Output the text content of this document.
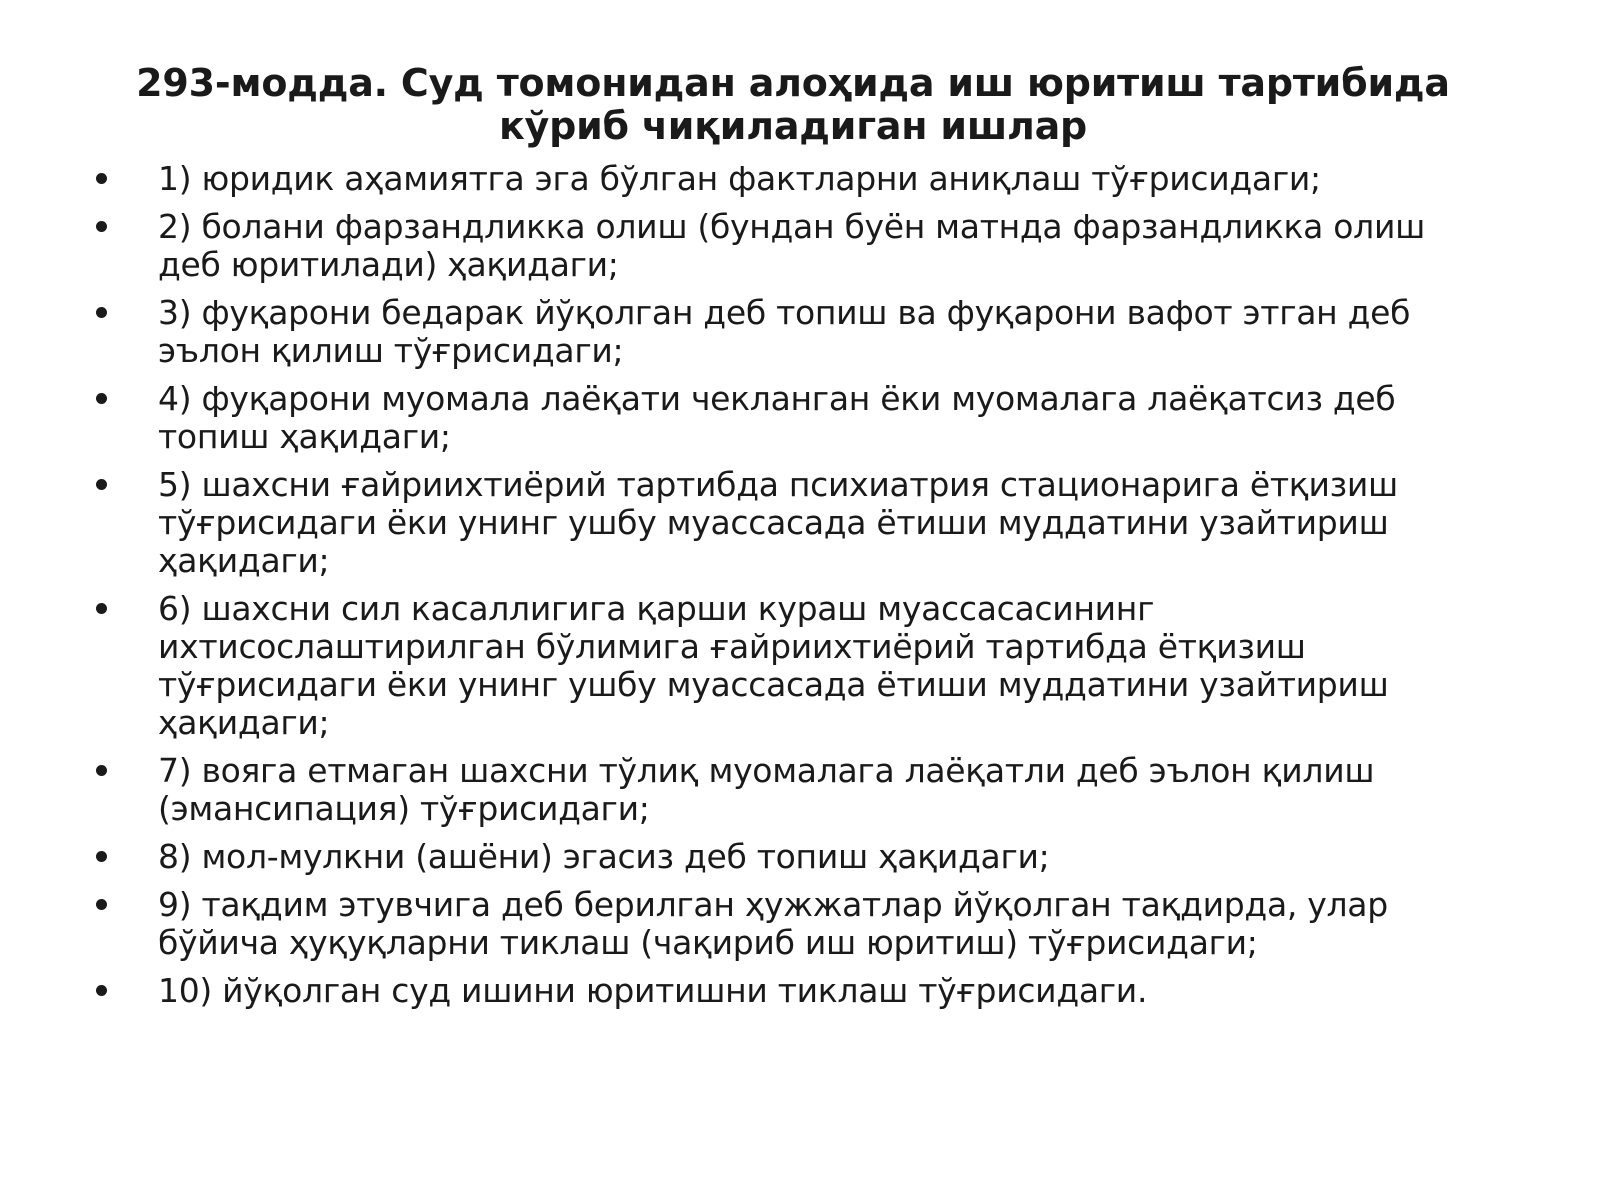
293-модда. Суд томонидан алоҳида иш юритиш тартибида кўриб чиқиладиган ишлар
1) юридик аҳамиятга эга бўлган фактларни аниқлаш тўғрисидаги;
2) болани фарзандликка олиш (бундан буён матнда фарзандликка олиш деб юритилади) ҳақидаги;
3) фуқарони бедарак йўқолган деб топиш ва фуқарони вафот этган деб эълон қилиш тўғрисидаги;
4) фуқарони муомала лаёқати чекланган ёки муомалага лаёқатсиз деб топиш ҳақидаги;
5) шахсни ғайриихтиёрий тартибда психиатрия стационарига ётқизиш тўғрисидаги ёки унинг ушбу муассасада ётиши муддатини узайтириш ҳақидаги;
6) шахсни сил касаллигига қарши кураш муассасасининг ихтисослаштирилган бўлимига ғайриихтиёрий тартибда ётқизиш тўғрисидаги ёки унинг ушбу муассасада ётиши муддатини узайтириш ҳақидаги;
7) вояга етмаган шахсни тўлиқ муомалага лаёқатли деб эълон қилиш (эмансипация) тўғрисидаги;
8) мол-мулкни (ашёни) эгасиз деб топиш ҳақидаги;
9) тақдим этувчига деб берилган ҳужжатлар йўқолган тақдирда, улар бўйича ҳуқуқларни тиклаш (чақириб иш юритиш) тўғрисидаги;
10) йўқолган суд ишини юритишни тиклаш тўғрисидаги.
